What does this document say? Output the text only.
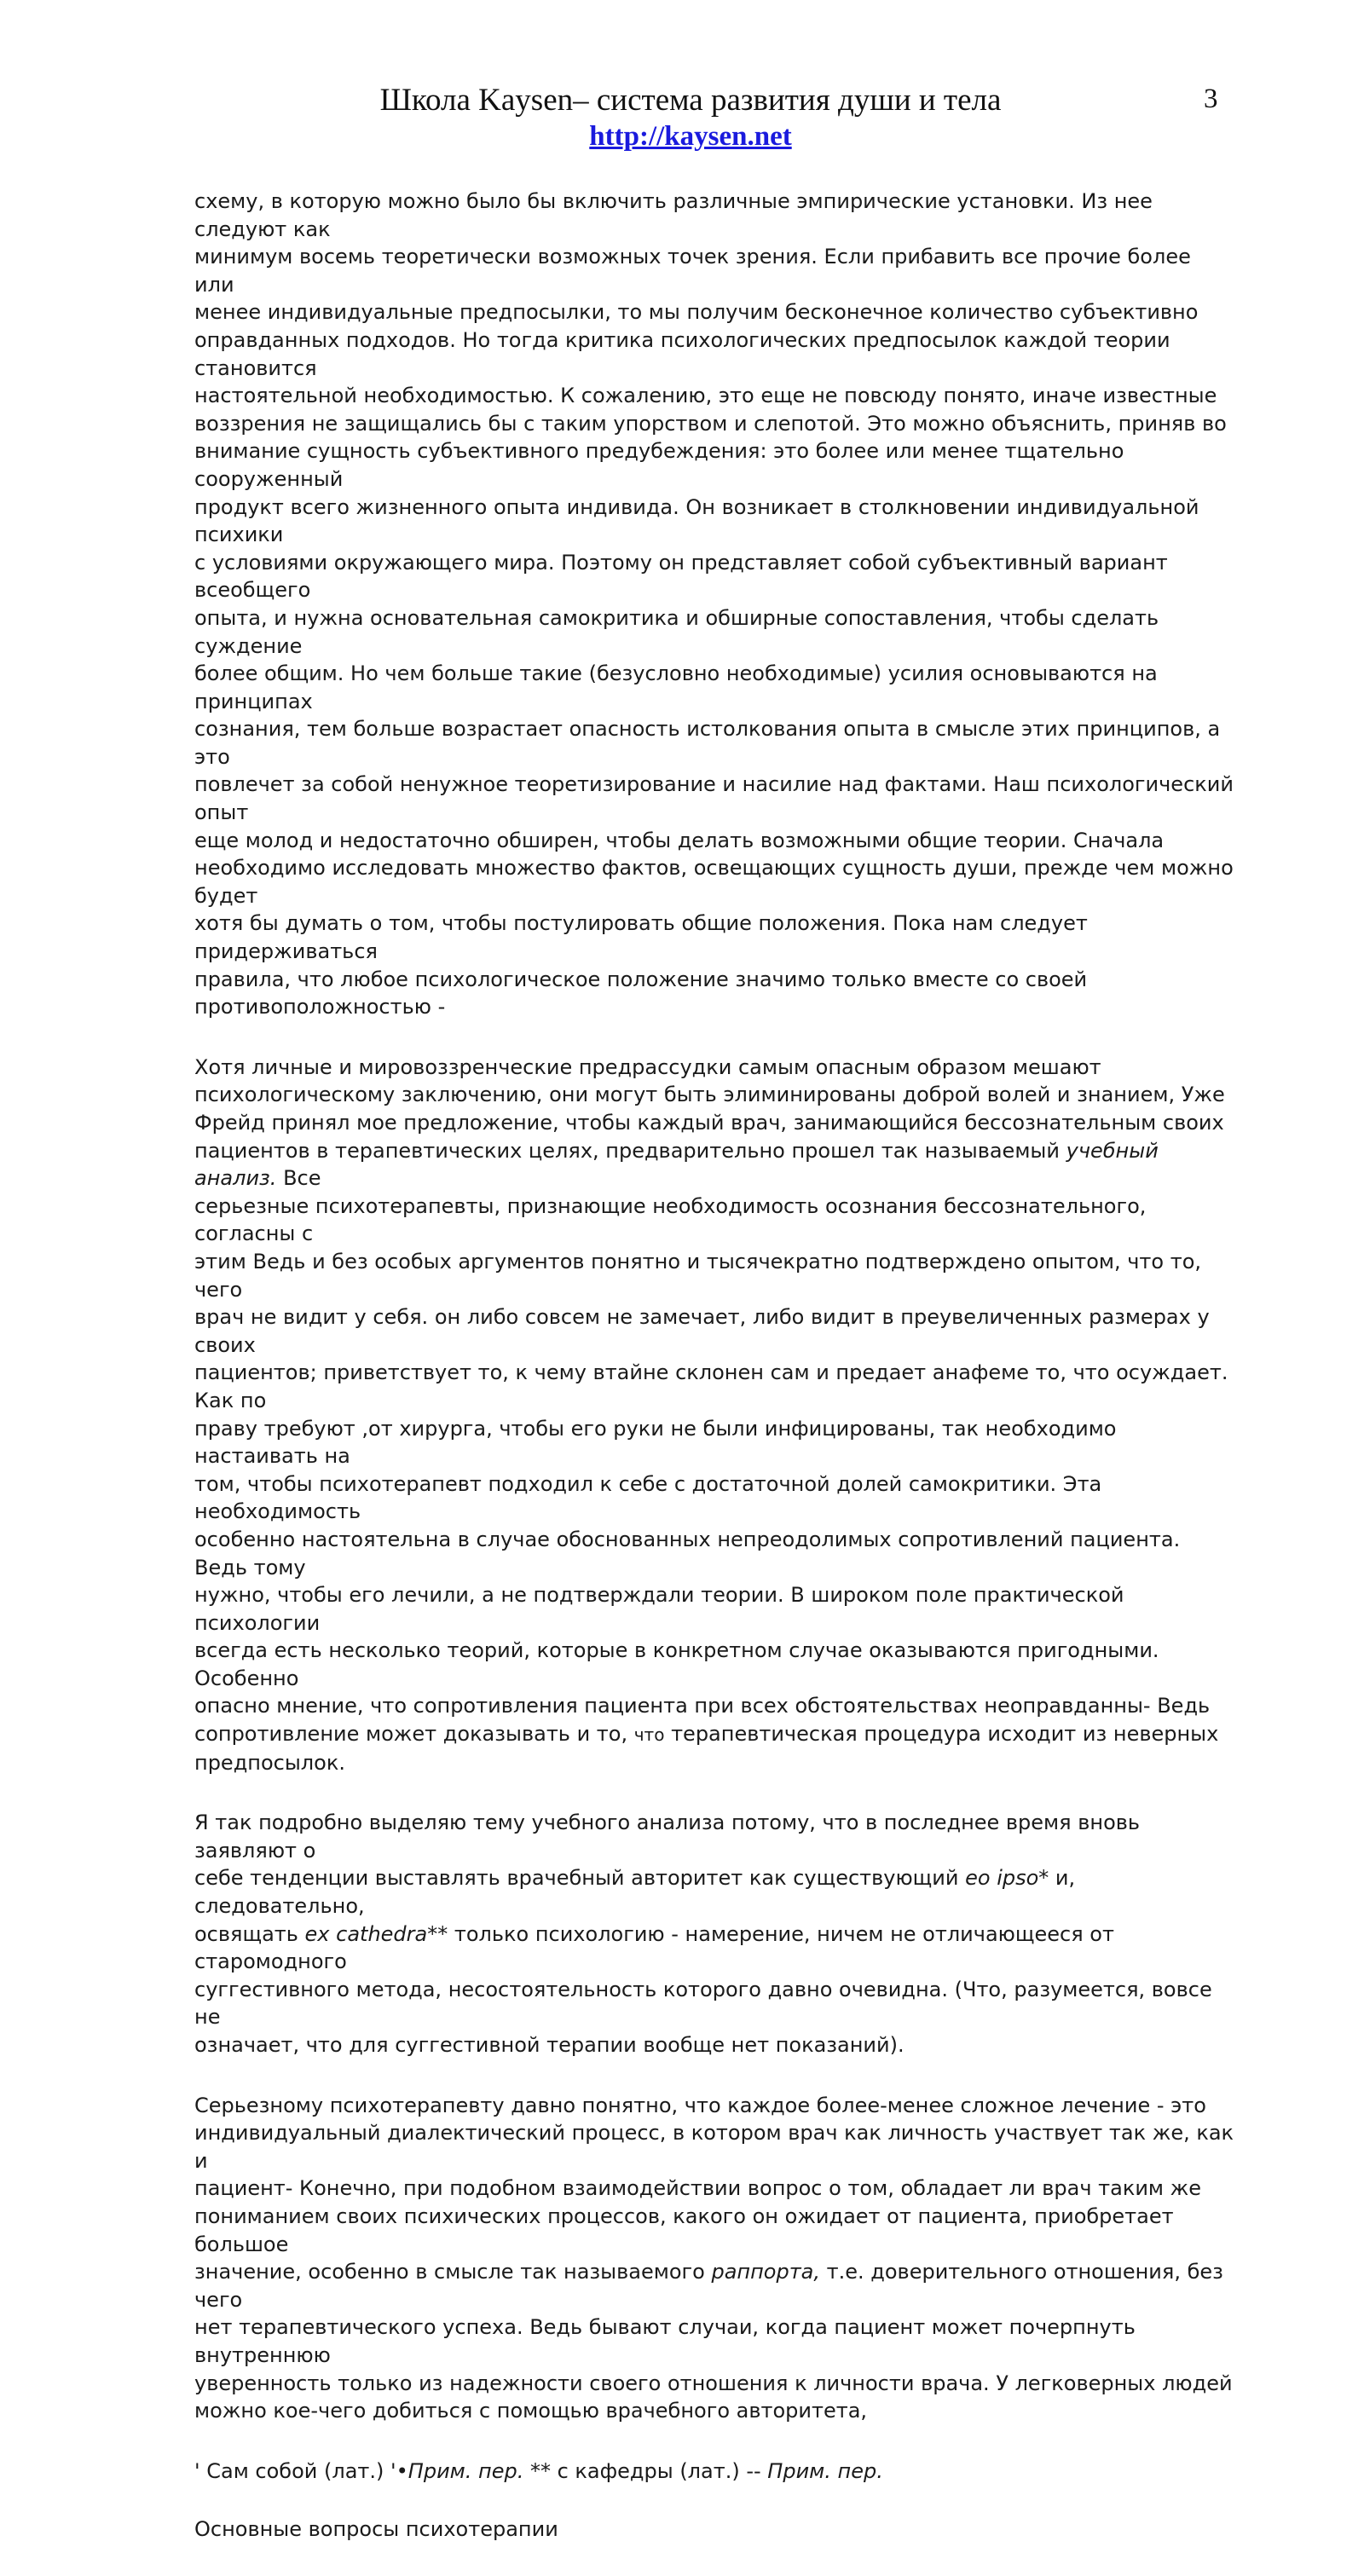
Школа Kaysen– система развития души и тела
http://kaysen.net
3

схему, в которую можно было бы включить различные эмпирические установки. Из нее следуют как
минимум восемь теоретически возможных точек зрения. Если прибавить все прочие более или
менее индивидуальные предпосылки, то мы получим бесконечное количество субъективно
оправданных подходов. Но тогда критика психологических предпосылок каждой теории становится
настоятельной необходимостью. К сожалению, это еще не повсюду понято, иначе известные
воззрения не защищались бы с таким упорством и слепотой. Это можно объяснить, приняв во
внимание сущность субъективного предубеждения: это более или менее тщательно сооруженный
продукт всего жизненного опыта индивида. Он возникает в столкновении индивидуальной психики
с условиями окружающего мира. Поэтому он представляет собой субъективный вариант всеобщего
опыта, и нужна основательная самокритика и обширные сопоставления, чтобы сделать суждение
более общим. Но чем больше такие (безусловно необходимые) усилия основываются на принципах
сознания, тем больше возрастает опасность истолкования опыта в смысле этих принципов, а это
повлечет за собой ненужное теоретизирование и насилие над фактами. Наш психологический опыт
еще молод и недостаточно обширен, чтобы делать возможными общие теории. Сначала
необходимо исследовать множество фактов, освещающих сущность души, прежде чем можно будет
хотя бы думать о том, чтобы постулировать общие положения. Пока нам следует придерживаться
правила, что любое психологическое положение значимо только вместе со своей
противоположностью -

Хотя личные и мировоззренческие предрассудки самым опасным образом мешают
психологическому заключению, они могут быть элиминированы доброй волей и знанием, Уже
Фрейд принял мое предложение, чтобы каждый врач, занимающийся бессознательным своих
пациентов в терапевтических целях, предварительно прошел так называемый учебный анализ. Все
серьезные психотерапевты, признающие необходимость осознания бессознательного, согласны с
этим Ведь и без особых аргументов понятно и тысячекратно подтверждено опытом, что то, чего
врач не видит у себя. он либо совсем не замечает, либо видит в преувеличенных размерах у своих
пациентов; приветствует то, к чему втайне склонен сам и предает анафеме то, что осуждает. Как по
праву требуют ,от хирурга, чтобы его руки не были инфицированы, так необходимо настаивать на
том, чтобы психотерапевт подходил к себе с достаточной долей самокритики. Эта необходимость
особенно настоятельна в случае обоснованных непреодолимых сопротивлений пациента. Ведь тому
нужно, чтобы его лечили, а не подтверждали теории. В широком поле практической психологии
всегда есть несколько теорий, которые в конкретном случае оказываются пригодными. Особенно
опасно мнение, что сопротивления пациента при всех обстоятельствах неоправданны- Ведь
сопротивление может доказывать и то, что терапевтическая процедура исходит из неверных
предпосылок.

Я так подробно выделяю тему учебного анализа потому, что в последнее время вновь заявляют о
себе тенденции выставлять врачебный авторитет как существующий ео ipso* и, следовательно,
освящать ex cathedra** только психологию - намерение, ничем не отличающееся от старомодного
суггестивного метода, несостоятельность которого давно очевидна. (Что, разумеется, вовсе не
означает, что для суггестивной терапии вообще нет показаний).

Серьезному психотерапевту давно понятно, что каждое более-менее сложное лечение - это
индивидуальный диалектический процесс, в котором врач как личность участвует так же, как и
пациент- Конечно, при подобном взаимодействии вопрос о том, обладает ли врач таким же
пониманием своих психических процессов, какого он ожидает от пациента, приобретает большое
значение, особенно в смысле так называемого раппорта, т.е. доверительного отношения, без чего
нет терапевтического успеха. Ведь бывают случаи, когда пациент может почерпнуть внутреннюю
уверенность только из надежности своего отношения к личности врача. У легковерных людей
можно кое-чего добиться с помощью врачебного авторитета,

' Сам собой (лат.) '•Прим. пер. ** с кафедры (лат.) -- Прим. пер.

Основные вопросы психотерапии
